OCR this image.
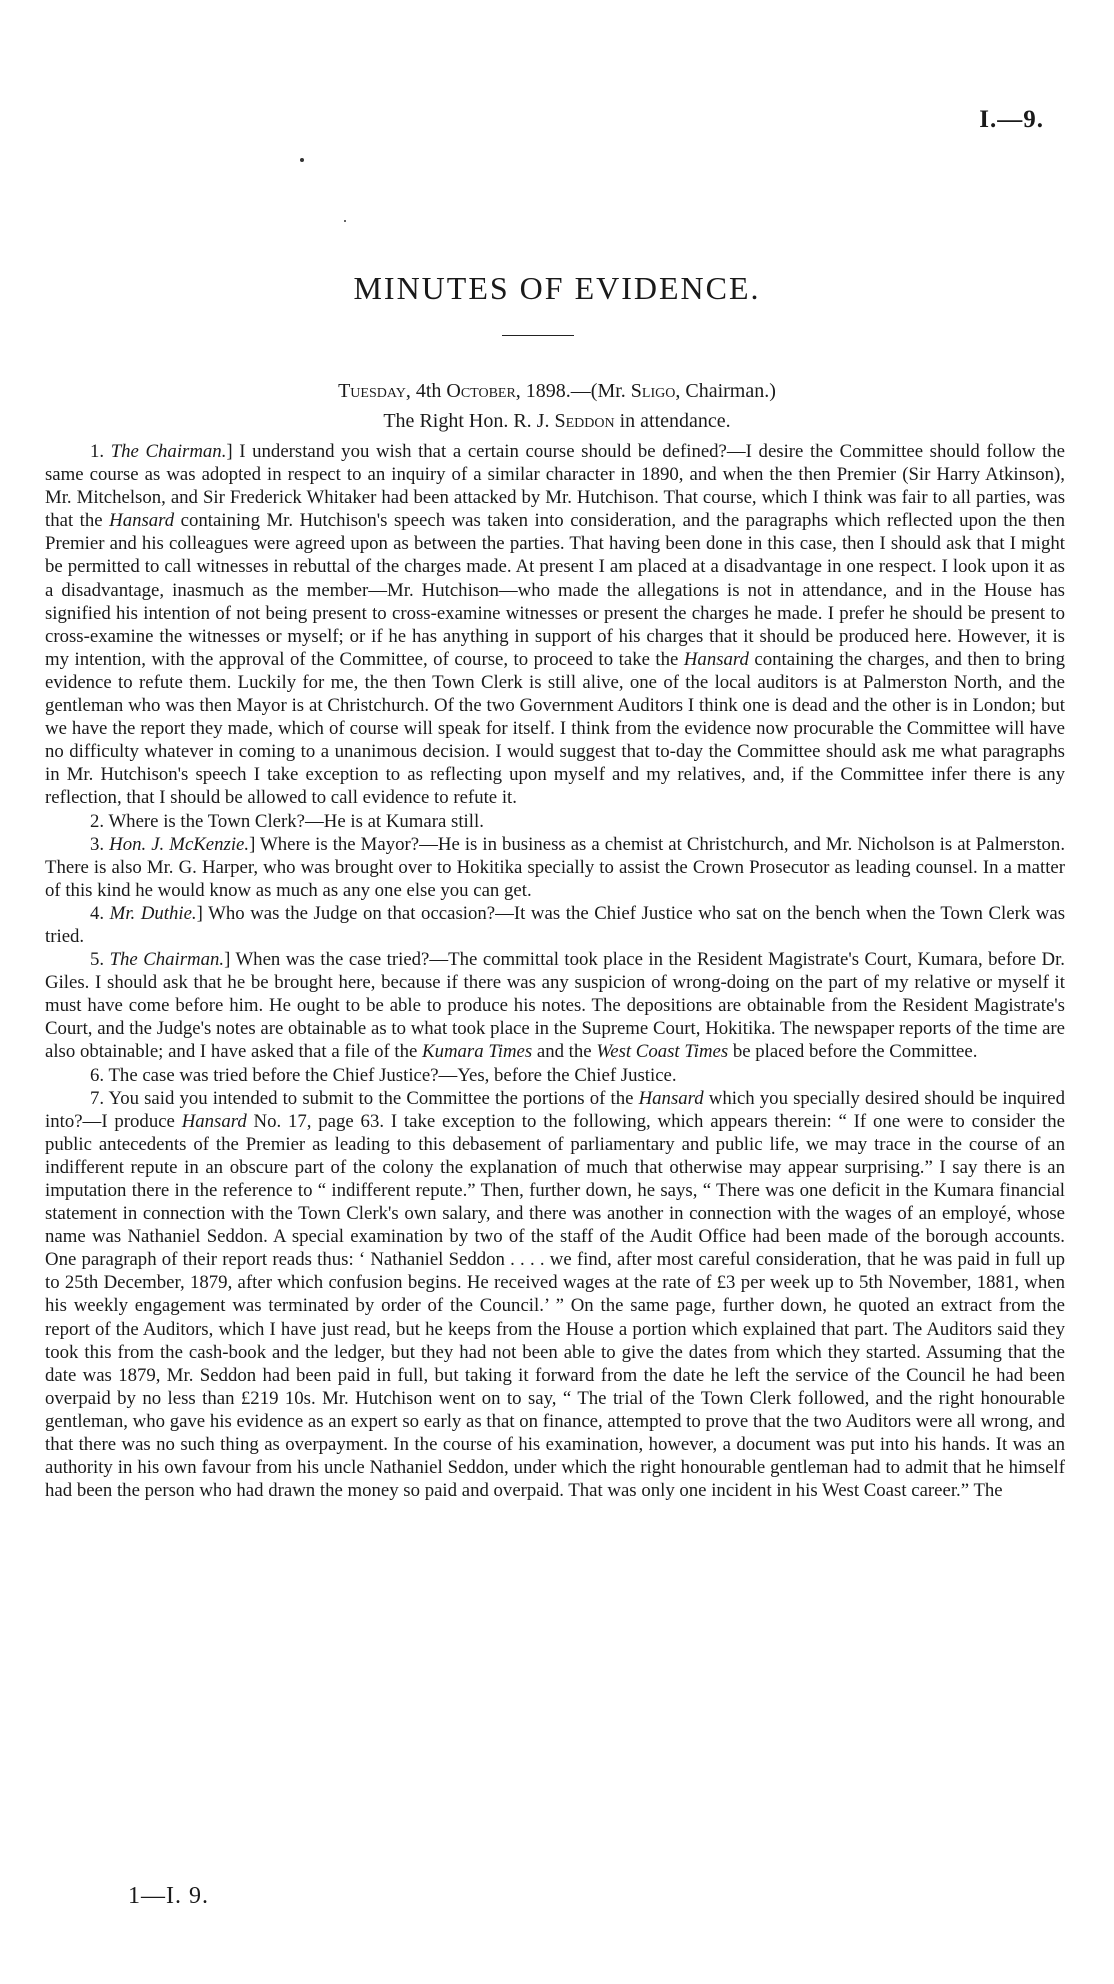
I.—9.
MINUTES OF EVIDENCE.
Tuesday, 4th October, 1898.—(Mr. Sligo, Chairman.)
The Right Hon. R. J. Seddon in attendance.

1. The Chairman.] I understand you wish that a certain course should be defined?—I desire the Committee should follow the same course as was adopted in respect to an inquiry of a similar character in 1890, and when the then Premier (Sir Harry Atkinson), Mr. Mitchelson, and Sir Frederick Whitaker had been attacked by Mr. Hutchison. That course, which I think was fair to all parties, was that the Hansard containing Mr. Hutchison's speech was taken into consideration, and the paragraphs which reflected upon the then Premier and his colleagues were agreed upon as between the parties. That having been done in this case, then I should ask that I might be permitted to call witnesses in rebuttal of the charges made. At present I am placed at a disadvantage in one respect. I look upon it as a disadvantage, inasmuch as the member—Mr. Hutchison—who made the allegations is not in attendance, and in the House has signified his intention of not being present to cross-examine witnesses or present the charges he made. I prefer he should be present to cross-examine the witnesses or myself; or if he has anything in support of his charges that it should be produced here. However, it is my intention, with the approval of the Committee, of course, to proceed to take the Hansard containing the charges, and then to bring evidence to refute them. Luckily for me, the then Town Clerk is still alive, one of the local auditors is at Palmerston North, and the gentleman who was then Mayor is at Christchurch. Of the two Government Auditors I think one is dead and the other is in London; but we have the report they made, which of course will speak for itself. I think from the evidence now procurable the Committee will have no difficulty whatever in coming to a unanimous decision. I would suggest that to-day the Committee should ask me what paragraphs in Mr. Hutchison's speech I take exception to as reflecting upon myself and my relatives, and, if the Committee infer there is any reflection, that I should be allowed to call evidence to refute it.

2. Where is the Town Clerk?—He is at Kumara still.

3. Hon. J. McKenzie.] Where is the Mayor?—He is in business as a chemist at Christchurch, and Mr. Nicholson is at Palmerston. There is also Mr. G. Harper, who was brought over to Hokitika specially to assist the Crown Prosecutor as leading counsel. In a matter of this kind he would know as much as any one else you can get.

4. Mr. Duthie.] Who was the Judge on that occasion?—It was the Chief Justice who sat on the bench when the Town Clerk was tried.

5. The Chairman.] When was the case tried?—The committal took place in the Resident Magistrate's Court, Kumara, before Dr. Giles. I should ask that he be brought here, because if there was any suspicion of wrong-doing on the part of my relative or myself it must have come before him. He ought to be able to produce his notes. The depositions are obtainable from the Resident Magistrate's Court, and the Judge's notes are obtainable as to what took place in the Supreme Court, Hokitika. The newspaper reports of the time are also obtainable; and I have asked that a file of the Kumara Times and the West Coast Times be placed before the Committee.

6. The case was tried before the Chief Justice?—Yes, before the Chief Justice.

7. You said you intended to submit to the Committee the portions of the Hansard which you specially desired should be inquired into?—I produce Hansard No. 17, page 63. I take exception to the following, which appears therein: “ If one were to consider the public antecedents of the Premier as leading to this debasement of parliamentary and public life, we may trace in the course of an indifferent repute in an obscure part of the colony the explanation of much that otherwise may appear surprising.” I say there is an imputation there in the reference to “ indifferent repute.” Then, further down, he says, “ There was one deficit in the Kumara financial statement in connection with the Town Clerk's own salary, and there was another in connection with the wages of an employé, whose name was Nathaniel Seddon. A special examination by two of the staff of the Audit Office had been made of the borough accounts. One paragraph of their report reads thus: ‘ Nathaniel Seddon . . . . we find, after most careful consideration, that he was paid in full up to 25th December, 1879, after which confusion begins. He received wages at the rate of £3 per week up to 5th November, 1881, when his weekly engagement was terminated by order of the Council.’ ” On the same page, further down, he quoted an extract from the report of the Auditors, which I have just read, but he keeps from the House a portion which explained that part. The Auditors said they took this from the cash-book and the ledger, but they had not been able to give the dates from which they started. Assuming that the date was 1879, Mr. Seddon had been paid in full, but taking it forward from the date he left the service of the Council he had been overpaid by no less than £219 10s. Mr. Hutchison went on to say, “ The trial of the Town Clerk followed, and the right honourable gentleman, who gave his evidence as an expert so early as that on finance, attempted to prove that the two Auditors were all wrong, and that there was no such thing as overpayment. In the course of his examination, however, a document was put into his hands. It was an authority in his own favour from his uncle Nathaniel Seddon, under which the right honourable gentleman had to admit that he himself had been the person who had drawn the money so paid and overpaid. That was only one incident in his West Coast career.” The

1—I. 9.
